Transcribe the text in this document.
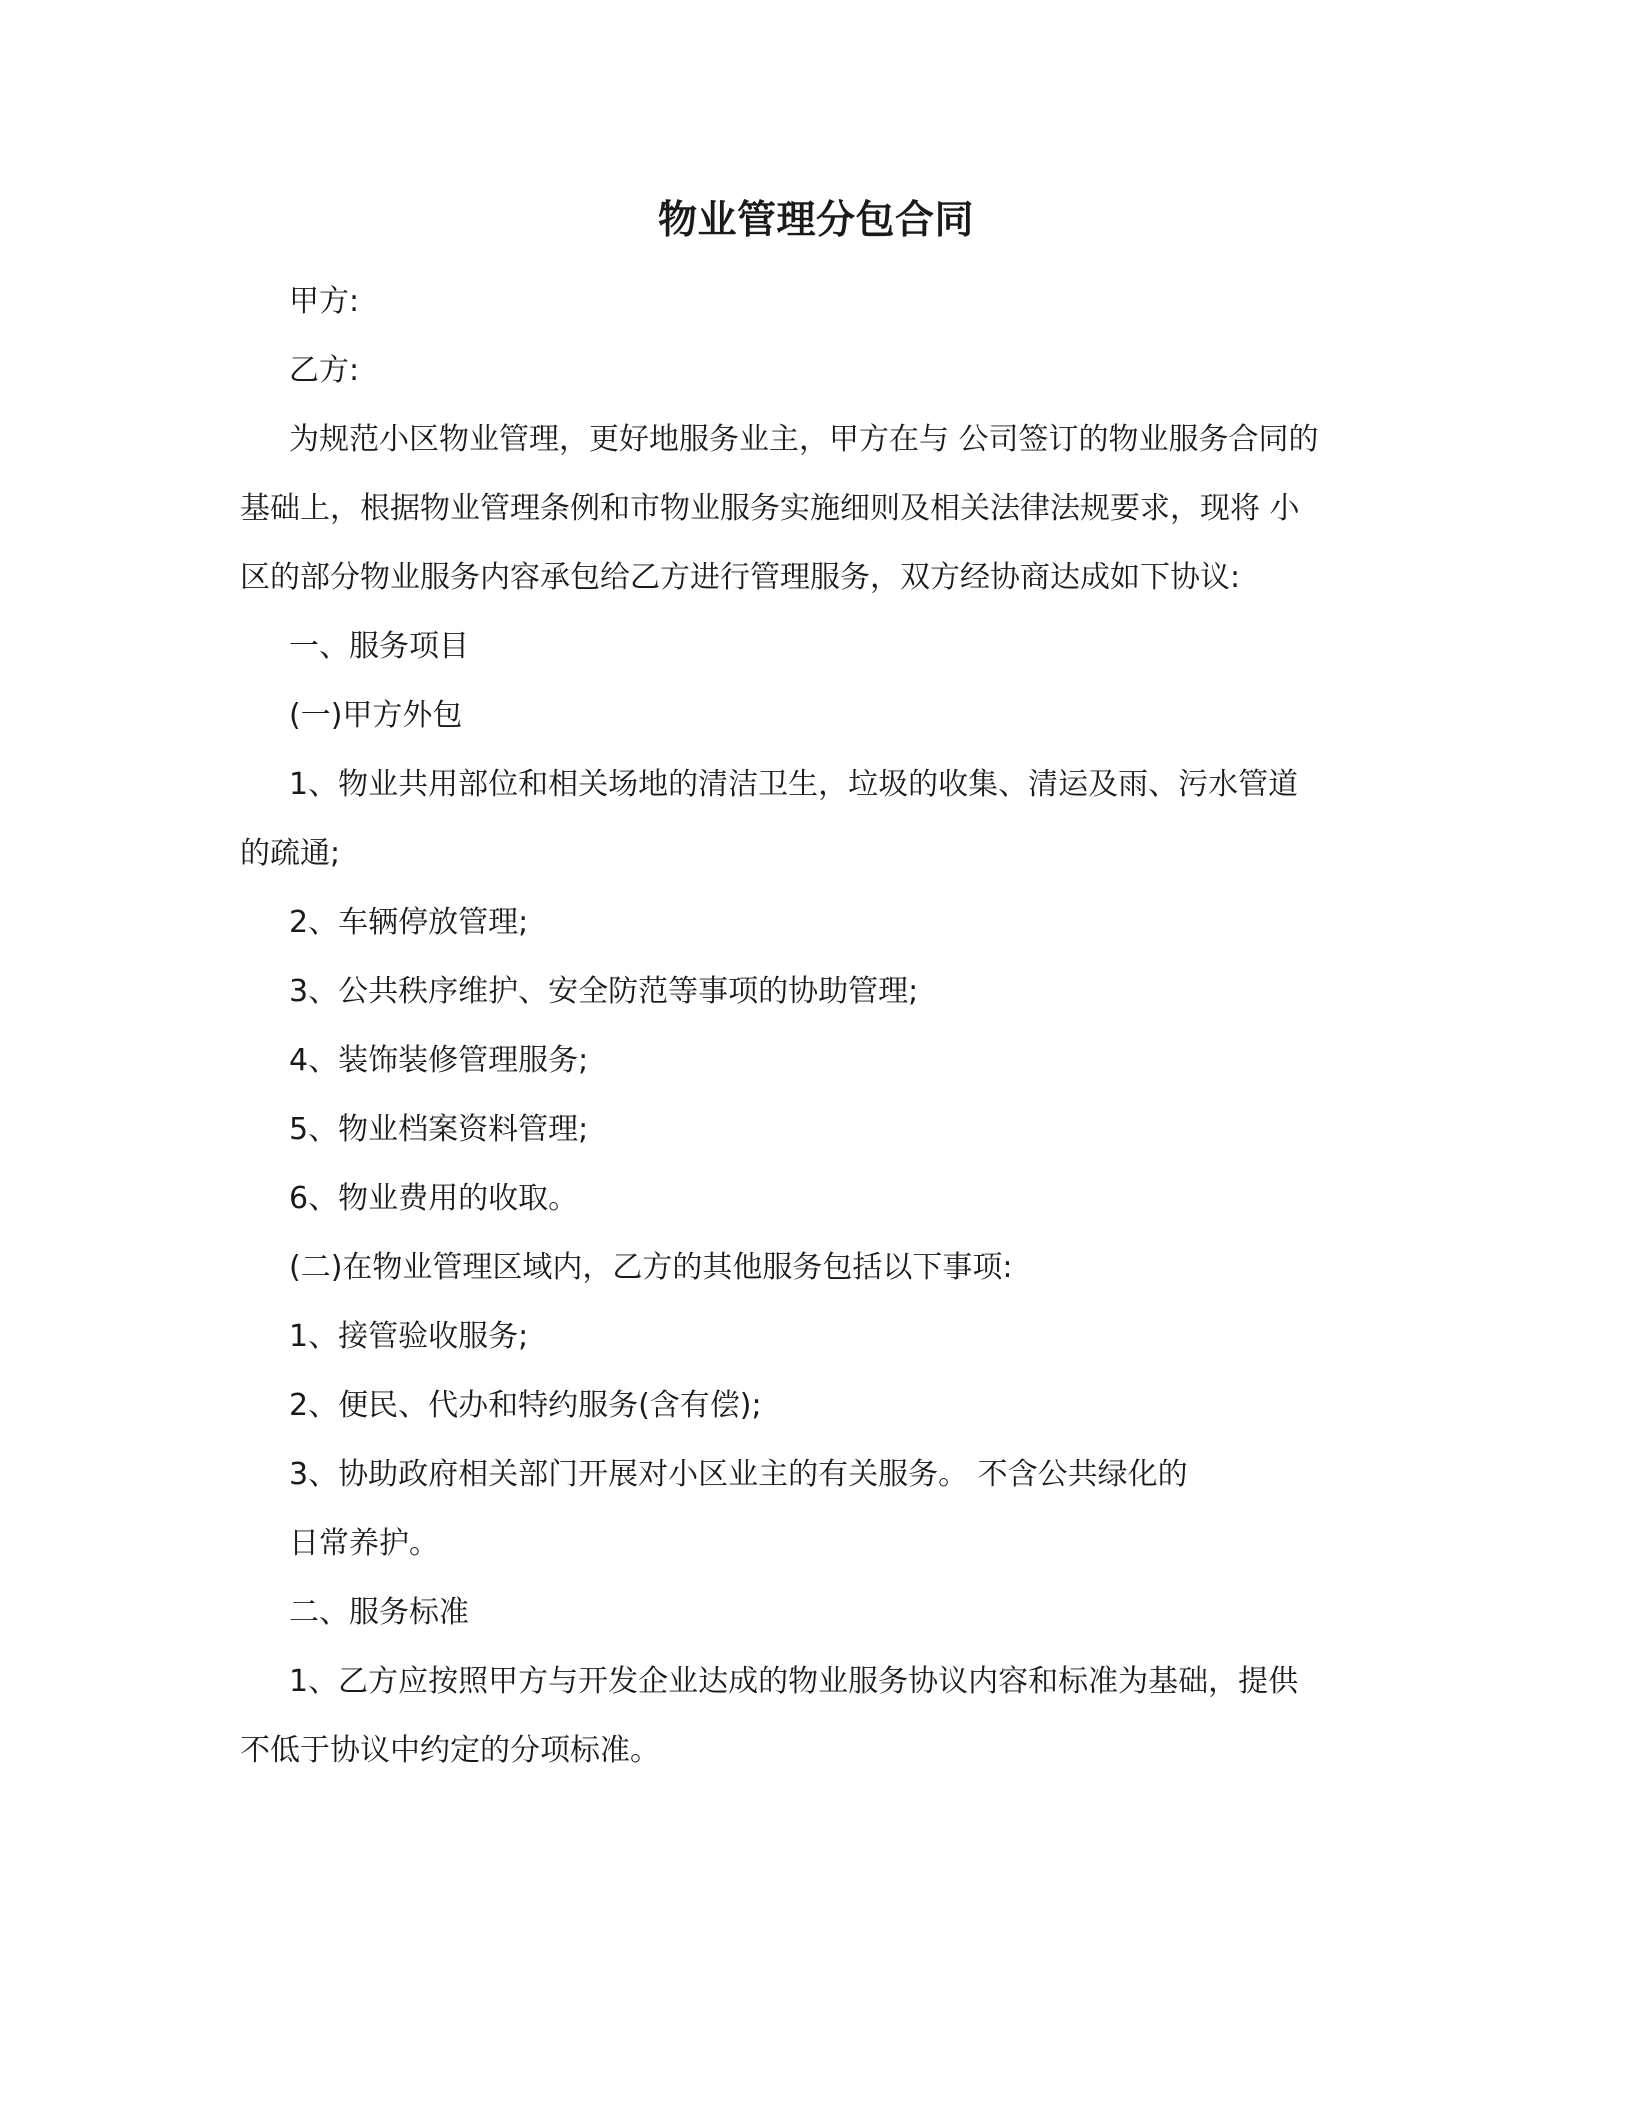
物业管理分包合同
甲方:
乙方:
为规范小区物业管理，更好地服务业主，甲方在与 公司签订的物业服务合同的
基础上，根据物业管理条例和市物业服务实施细则及相关法律法规要求，现将 小
区的部分物业服务内容承包给乙方进行管理服务，双方经协商达成如下协议:
一、服务项目
(一)甲方外包
1、物业共用部位和相关场地的清洁卫生，垃圾的收集、清运及雨、污水管道
的疏通;
2、车辆停放管理;
3、公共秩序维护、安全防范等事项的协助管理;
4、装饰装修管理服务;
5、物业档案资料管理;
6、物业费用的收取。
(二)在物业管理区域内，乙方的其他服务包括以下事项:
1、接管验收服务;
2、便民、代办和特约服务(含有偿);
3、协助政府相关部门开展对小区业主的有关服务。 不含公共绿化的
日常养护。
二、服务标准
1、乙方应按照甲方与开发企业达成的物业服务协议内容和标准为基础，提供
不低于协议中约定的分项标准。
